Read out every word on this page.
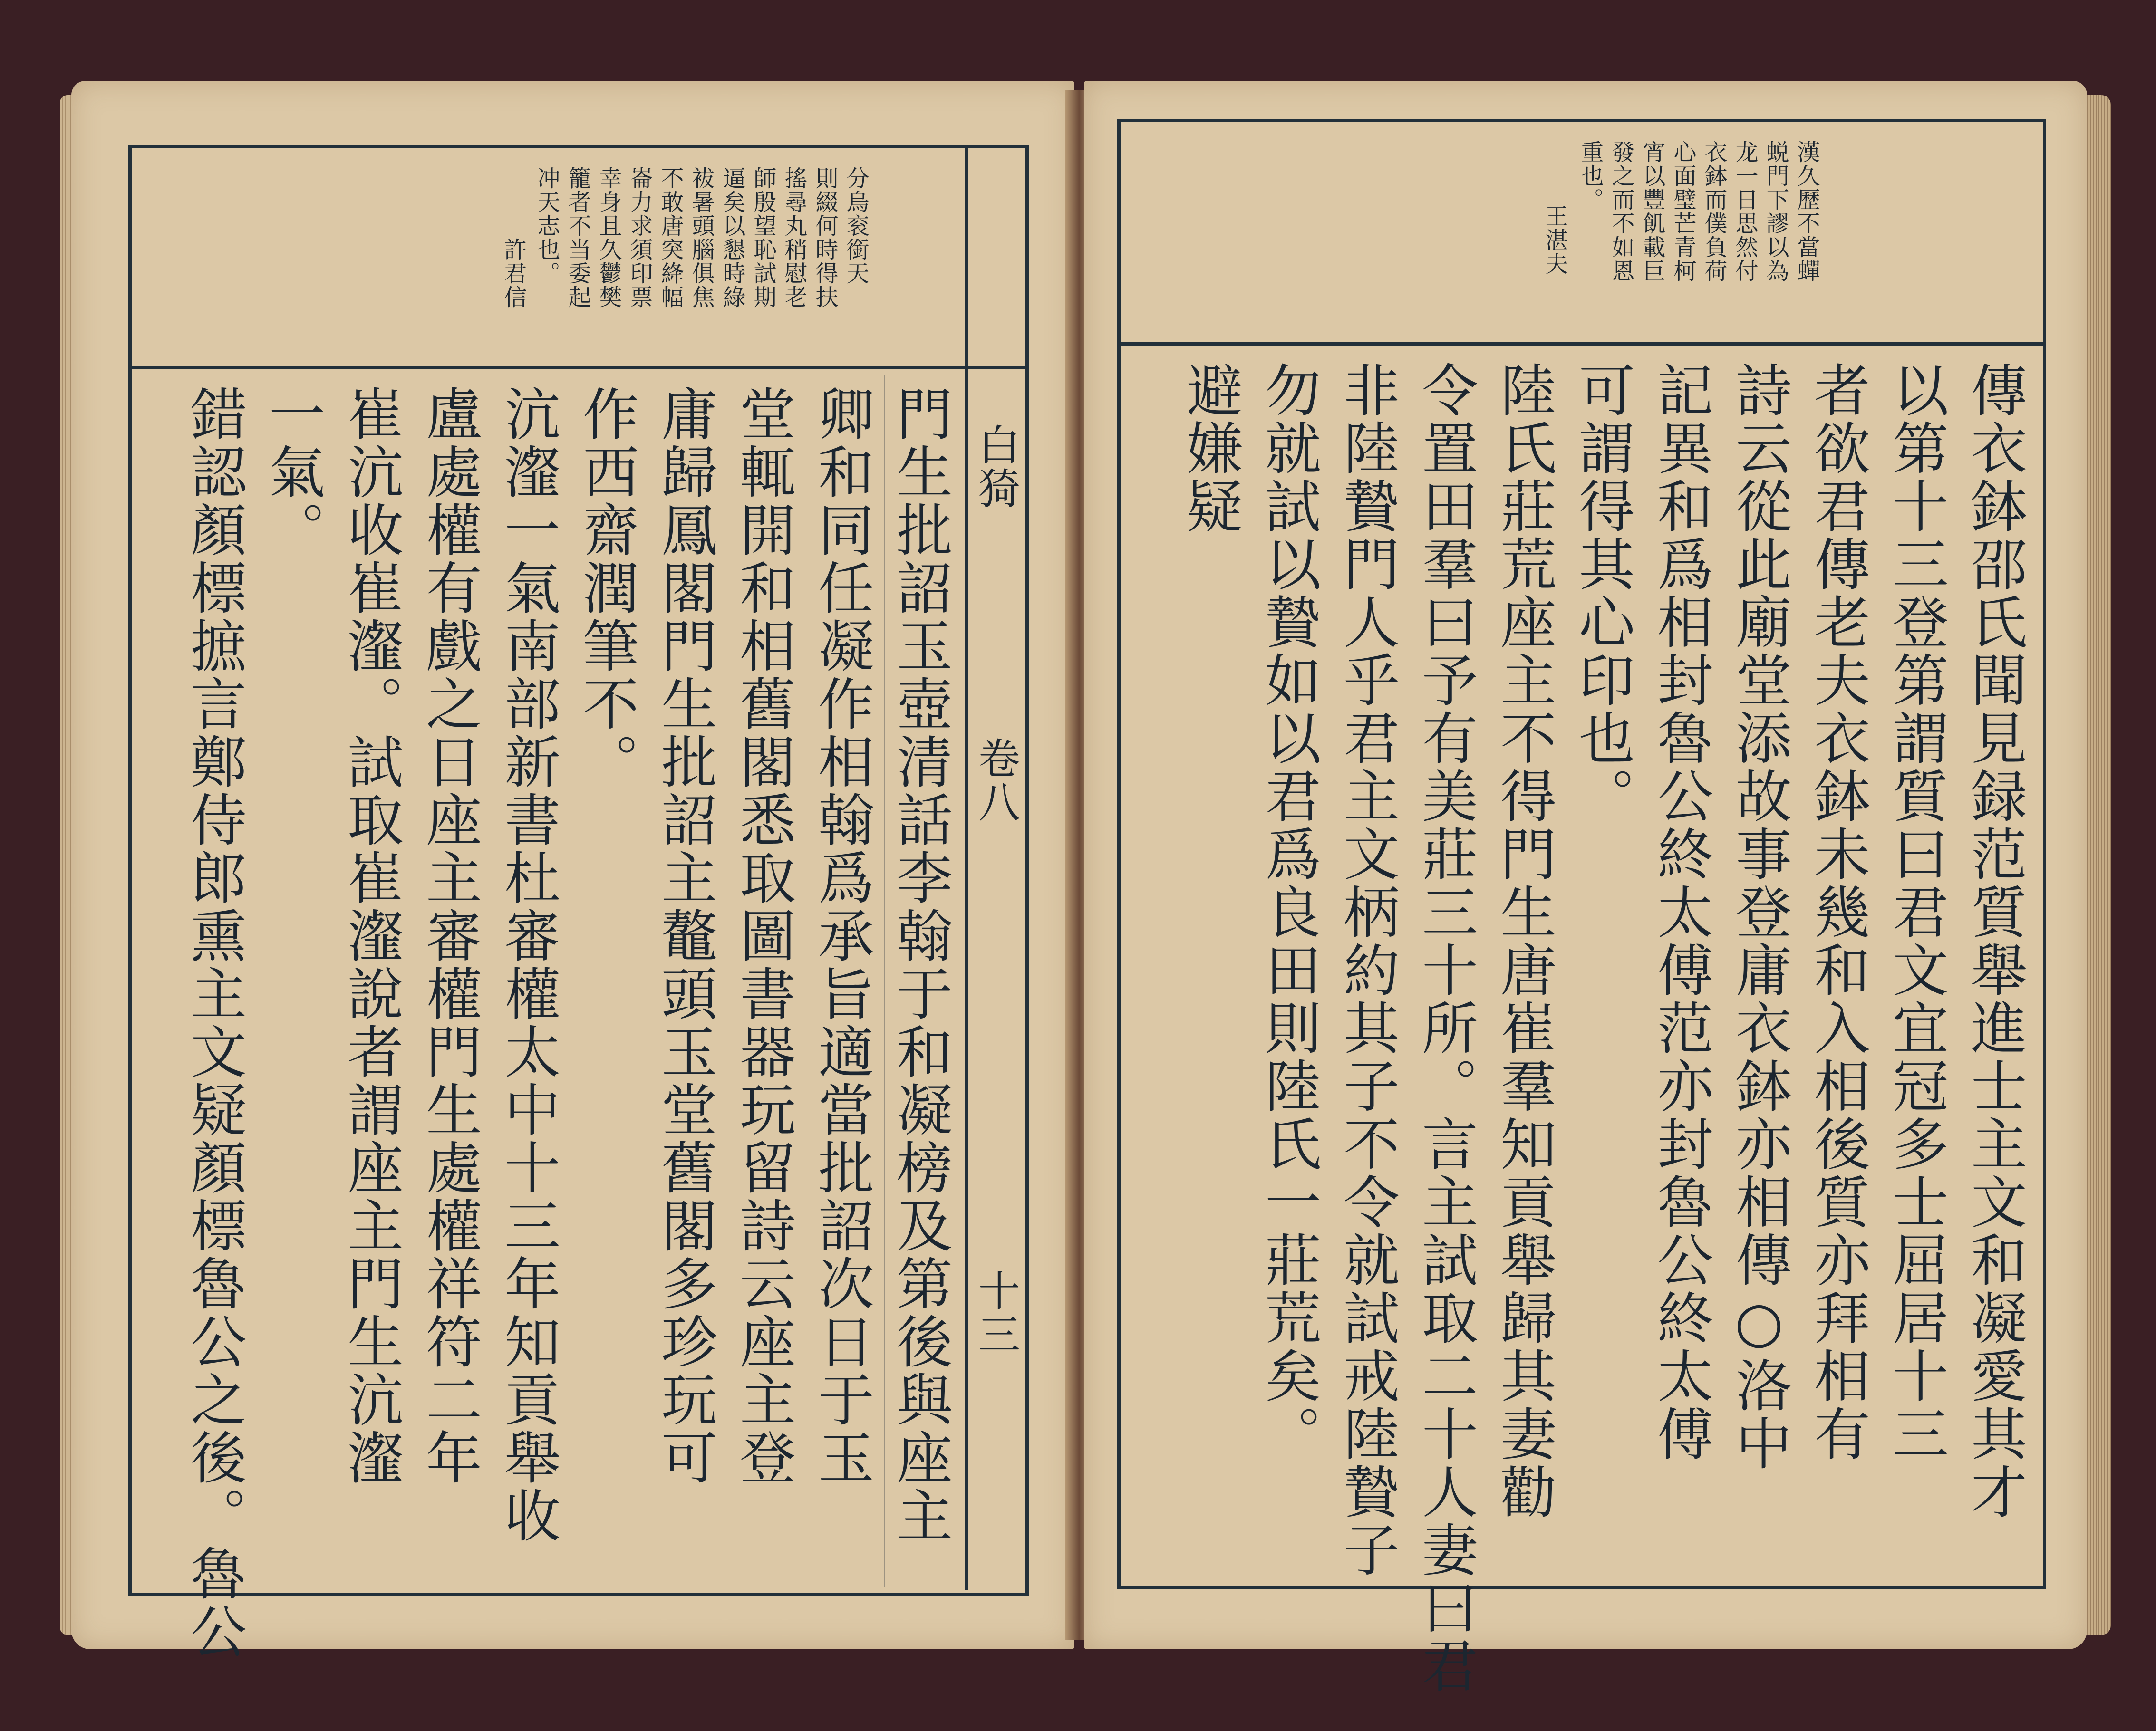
白猗
卷八
十三
分烏衮銜天
則綴何時得扶
搖尋丸稍慰老
師殷望恥試期
逼矣以懇時綠
袚暑頭腦俱焦
不敢唐突絳幅
崙力求須印票
幸身且久鬱樊
籠者不当委起
冲天志也。
許君信
門生批詔玉壺清話李翰于和凝榜及第後與座主
卿和同任凝作相翰爲承旨適當批詔次日于玉
堂輒開和相舊閣悉取圖書器玩留詩云座主登
庸歸鳳閣門生批詔主鼇頭玉堂舊閣多珍玩可
作西齋潤筆不。
沆瀣一氣南部新書杜審權太中十三年知貢舉收
盧處權有戲之日座主審權門生處權祥符二年
崔沆收崔瀣。試取崔瀣說者謂座主門生沆瀣
一氣。
錯認顏標摭言鄭侍郎熏主文疑顏標魯公之後。魯公
漢久歷不當蟬
蜕門下謬以為
龙一日思然付
衣鉢而僕負荷
心面璧芒青柯
宵以豐飢載巨
發之而不如恩
重也。
王湛夫
傳衣鉢邵氏聞見録范質舉進士主文和凝愛其才
以第十三登第謂質曰君文宜冠多士屈居十三
者欲君傳老夫衣鉢未幾和入相後質亦拜相有
詩云從此廟堂添故事登庸衣鉢亦相傳○洛中
記異和爲相封魯公終太傅范亦封魯公終太傅
可謂得其心印也。
陸氏莊荒座主不得門生唐崔羣知貢舉歸其妻勸
令置田羣曰予有美莊三十所。言主試取二十人妻曰君
非陸贄門人乎君主文柄約其子不令就試戒陸贄子
勿就試以贄如以君爲良田則陸氏一莊荒矣。
避嫌疑
